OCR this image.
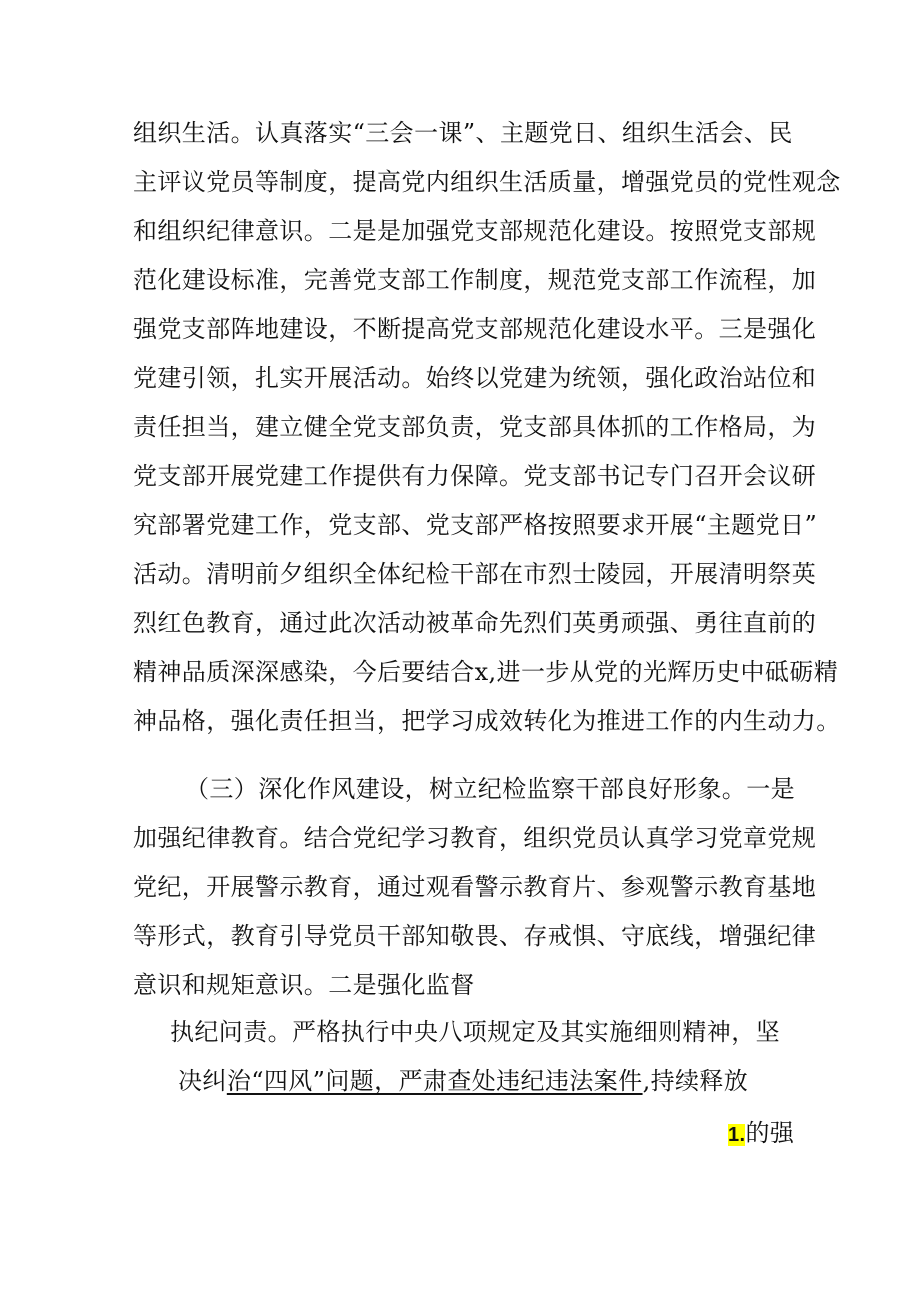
组织生活。认真落实“三会一课”、主题党日、组织生活会、民
主评议党员等制度，提高党内组织生活质量，增强党员的党性观念
和组织纪律意识。二是是加强党支部规范化建设。按照党支部规
范化建设标准，完善党支部工作制度，规范党支部工作流程，加
强党支部阵地建设，不断提高党支部规范化建设水平。三是强化
党建引领，扎实开展活动。始终以党建为统领，强化政治站位和
责任担当，建立健全党支部负责，党支部具体抓的工作格局，为
党支部开展党建工作提供有力保障。党支部书记专门召开会议研
究部署党建工作，党支部、党支部严格按照要求开展“主题党日”
活动。清明前夕组织全体纪检干部在市烈士陵园，开展清明祭英
烈红色教育，通过此次活动被革命先烈们英勇顽强、勇往直前的
精神品质深深感染，今后要结合x,进一步从党的光辉历史中砥砺精
神品格，强化责任担当，把学习成效转化为推进工作的内生动力。
（三）深化作风建设，树立纪检监察干部良好形象。一是
加强纪律教育。结合党纪学习教育，组织党员认真学习党章党规
党纪，开展警示教育，通过观看警示教育片、参观警示教育基地
等形式，教育引导党员干部知敬畏、存戒惧、守底线，增强纪律
意识和规矩意识。二是强化监督
执纪问责。严格执行中央八项规定及其实施细则精神，坚
决纠治“四风”问题，严肃查处违纪违法案件,持续释放
1.的强
